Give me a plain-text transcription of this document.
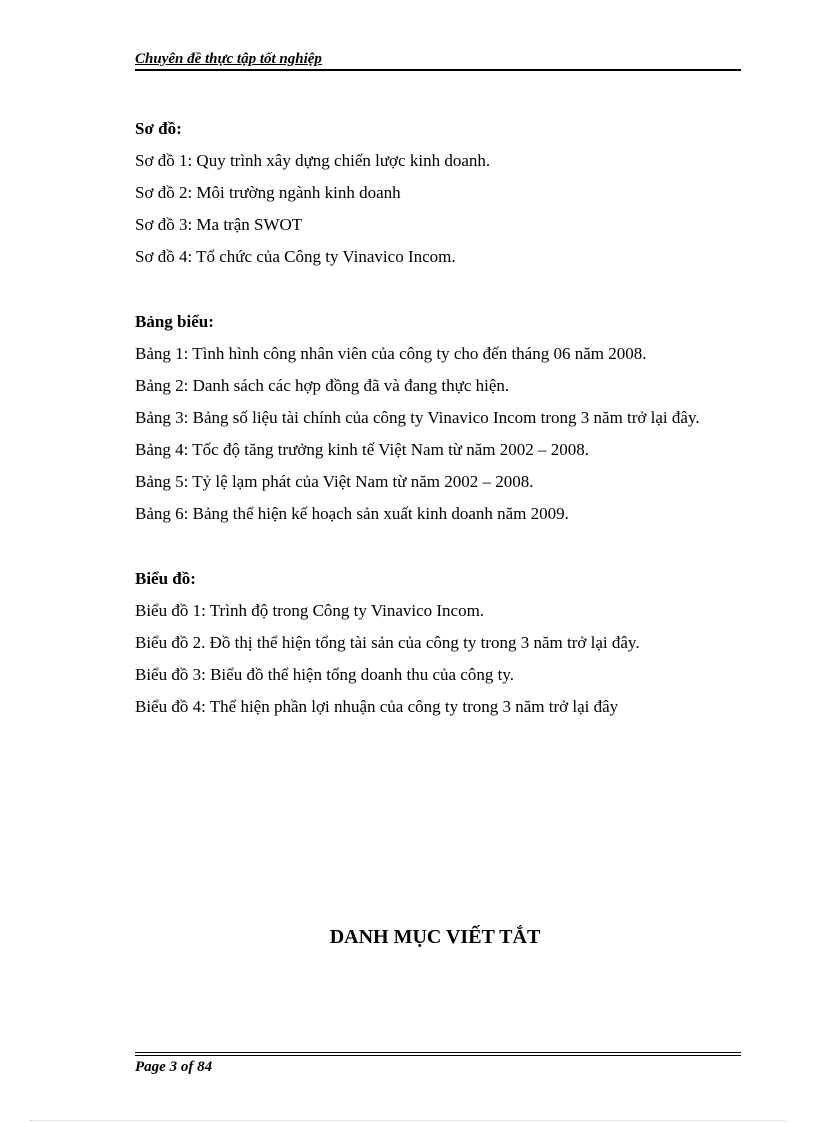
Chuyên đề thực tập tốt nghiệp
Sơ đồ:
Sơ đồ 1: Quy trình xây dựng chiến lược kinh doanh.
Sơ đồ 2: Môi trường ngành kinh doanh
Sơ đồ 3: Ma trận SWOT
Sơ đồ 4: Tổ chức của Công ty Vinavico Incom.
Bảng biểu:
Bảng 1: Tình hình công nhân viên của công ty cho đến tháng 06 năm 2008.
Bảng 2: Danh sách các hợp đồng đã và đang thực hiện.
Bảng 3: Bảng số liệu tài chính của công ty Vinavico Incom trong 3 năm trở lại đây.
Bảng 4: Tốc độ tăng trưởng kinh tế Việt Nam từ năm 2002 – 2008.
Bảng 5: Tỷ lệ lạm phát của Việt Nam từ năm 2002 – 2008.
Bảng 6: Bảng thể hiện kế hoạch sản xuất kinh doanh năm 2009.
Biểu đồ:
Biểu đồ 1: Trình độ trong Công ty Vinavico Incom.
Biểu đồ 2. Đồ thị thể hiện tổng tài sản của công ty trong 3 năm trở lại đây.
Biểu đồ 3: Biểu đồ thể hiện tổng doanh thu của công ty.
Biểu đồ 4: Thể hiện phần lợi nhuận của công ty trong 3 năm trở lại đây
DANH MỤC VIẾT TẮT
Page 3 of 84
